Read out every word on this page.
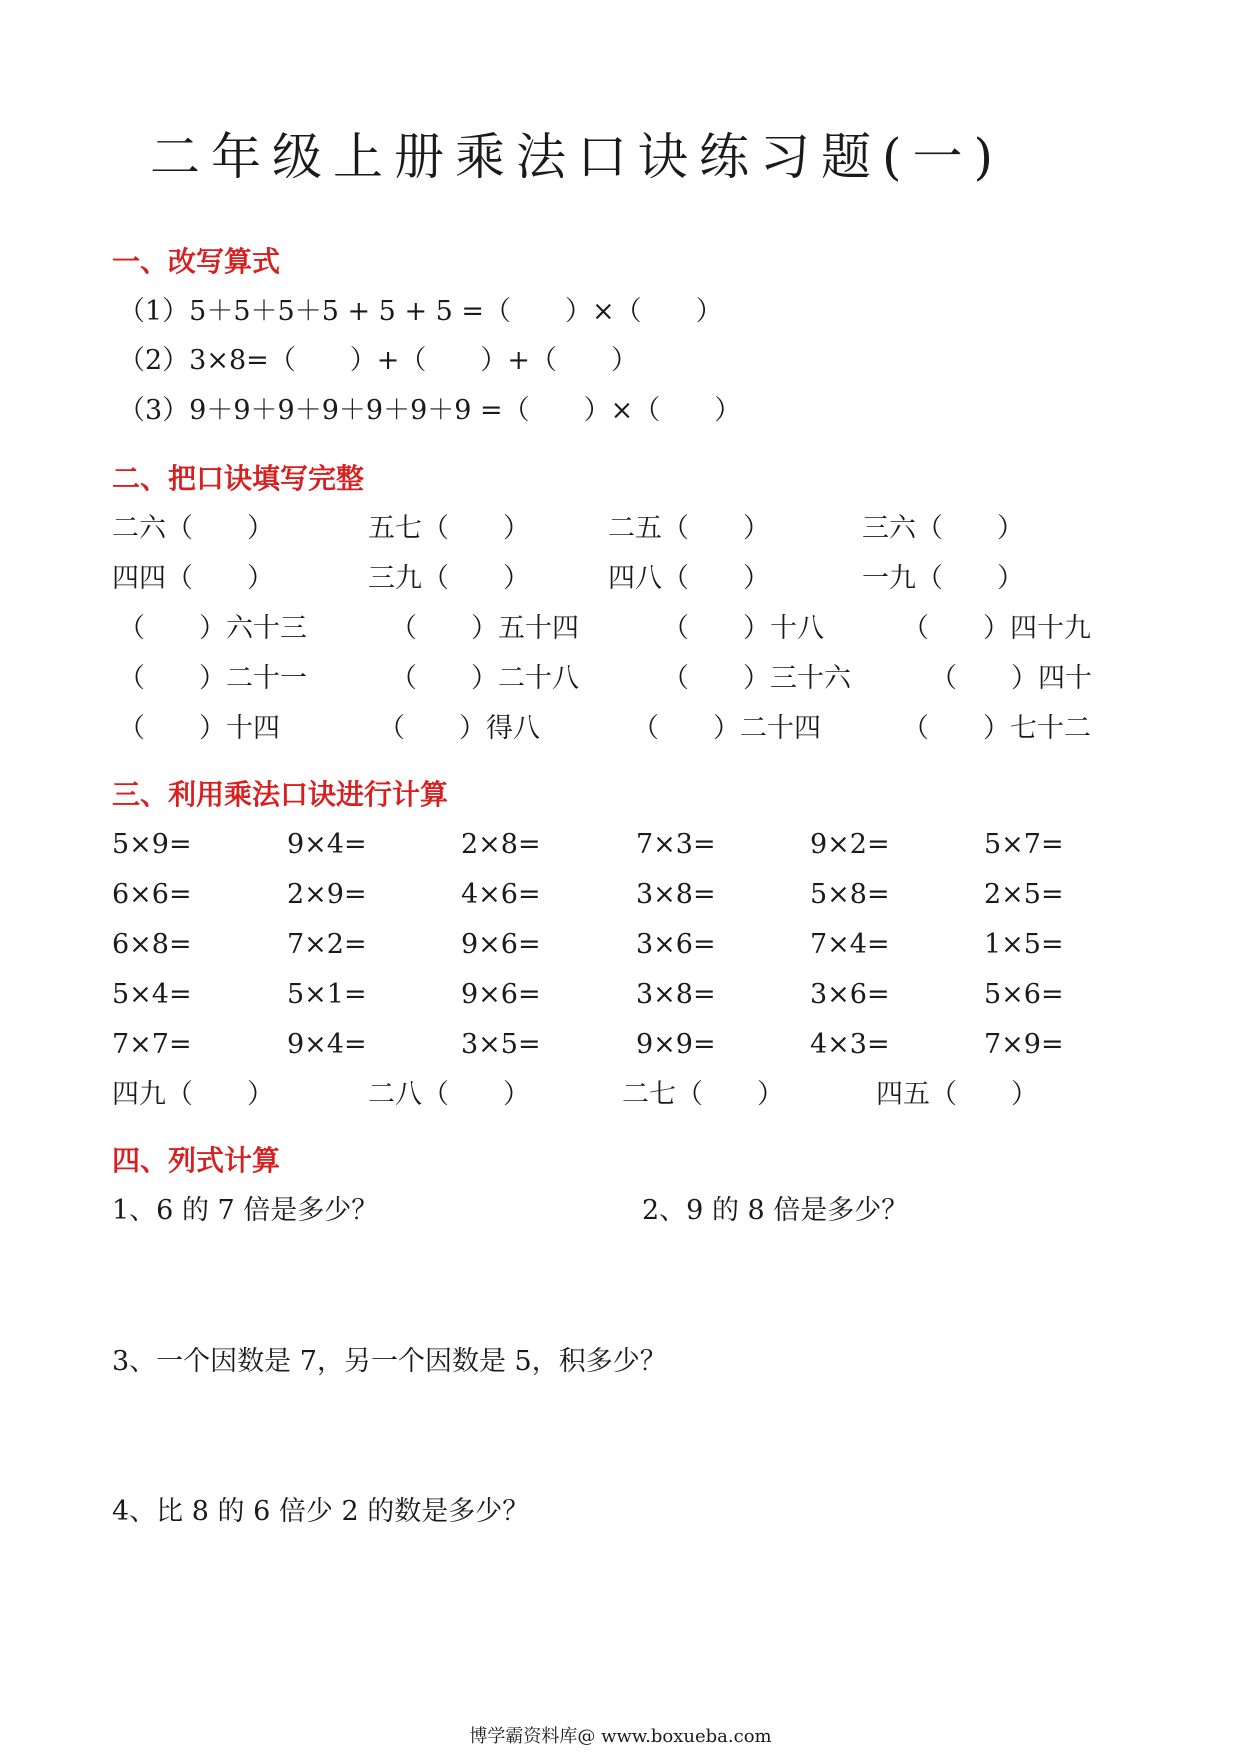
二年级上册乘法口诀练习题(一)
一、改写算式
（1）5＋5＋5＋5 + 5 + 5 =（　　）×（　　）
（2）3×8=（　　）+（　　）+（　　）
（3）9＋9＋9＋9＋9＋9＋9 =（　　）×（　　）
二、把口诀填写完整
二六（　　）	五七（　　）	二五（　　）	三六（　　）
四四（　　）	三九（　　）	四八（　　）	一九（　　）
（　　）六十三	（　　）五十四	（　　）十八	（　　）四十九
（　　）二十一	（　　）二十八	（　　）三十六	（　　）四十
（　　）十四	（　　）得八	（　　）二十四	（　　）七十二
三、利用乘法口诀进行计算
5×9=	9×4=	2×8=	7×3=	9×2=	5×7=
6×6=	2×9=	4×6=	3×8=	5×8=	2×5=
6×8=	7×2=	9×6=	3×6=	7×4=	1×5=
5×4=	5×1=	9×6=	3×8=	3×6=	5×6=
7×7=	9×4=	3×5=	9×9=	4×3=	7×9=
四九（　　）	二八（　　）	二七（　　）	四五（　　）
四、列式计算
1、6 的 7 倍是多少？	2、9 的 8 倍是多少？
3、一个因数是 7，另一个因数是 5，积多少？
4、比 8 的 6 倍少 2 的数是多少？
博学霸资料库@ www.boxueba.com
